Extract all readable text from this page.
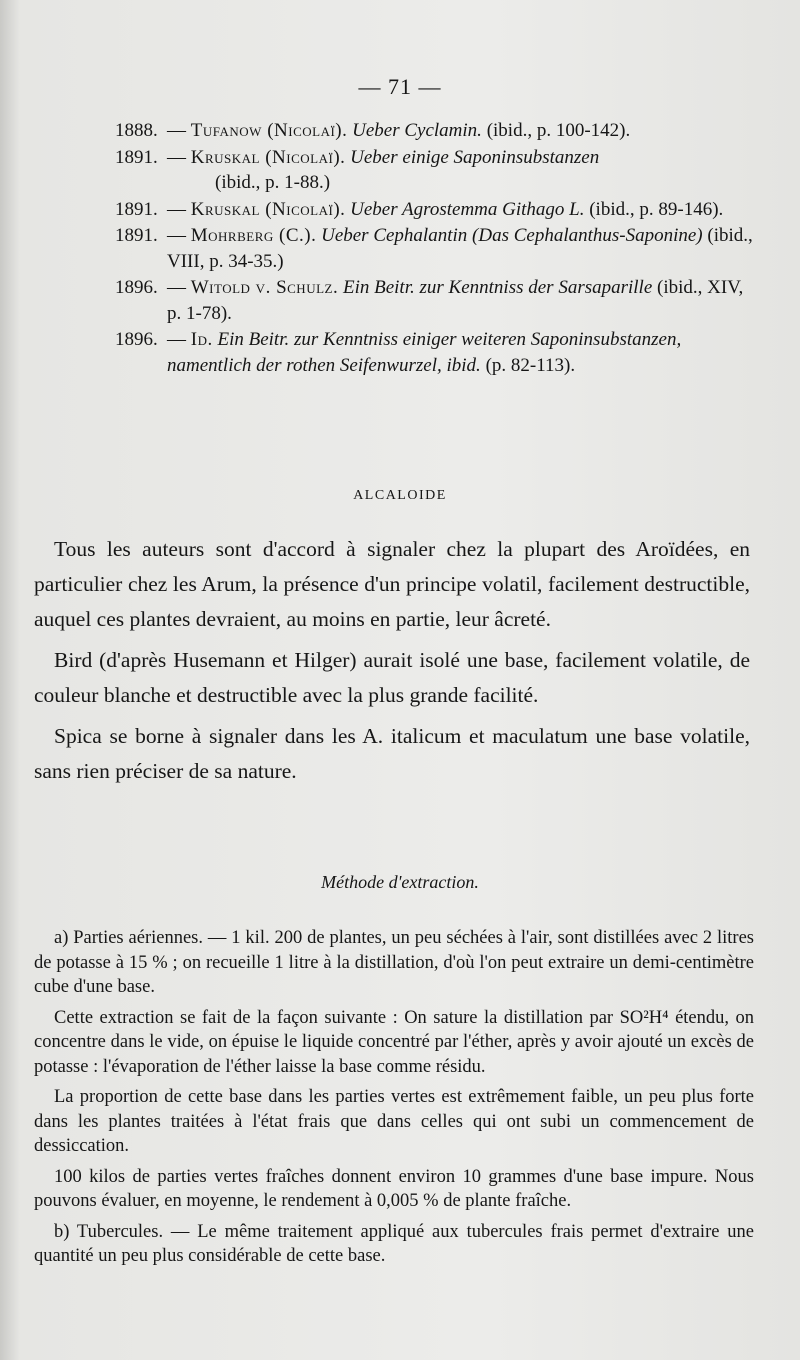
— 71 —
1888. — Tufanow (Nicolaï). Ueber Cyclamin. (ibid., p. 100-142).
1891. — Kruskal (Nicolaï). Ueber einige Saponinsubstanzen
(ibid., p. 1-88.)
1891. — Kruskal (Nicolaï). Ueber Agrostemma Githago L. (ibid., p. 89-146).
1891. — Mohrberg (C.). Ueber Cephalantin (Das Cephalanthus-Saponine) (ibid., VIII, p. 34-35.)
1896. — Witold v. Schulz. Ein Beitr. zur Kenntniss der Sarsaparille (ibid., XIV, p. 1-78).
1896. — Id. Ein Beitr. zur Kenntniss einiger weiteren Saponinsubstanzen, namentlich der rothen Seifenwurzel, ibid. (p. 82-113).
ALCALOIDE

Tous les auteurs sont d'accord à signaler chez la plupart des Aroïdées, en particulier chez les Arum, la présence d'un principe volatil, facilement destructible, auquel ces plantes devraient, au moins en partie, leur âcreté.

Bird (d'après Husemann et Hilger) aurait isolé une base, facilement volatile, de couleur blanche et destructible avec la plus grande facilité.

Spica se borne à signaler dans les A. italicum et maculatum une base volatile, sans rien préciser de sa nature.

Méthode d'extraction.

a) Parties aériennes. — 1 kil. 200 de plantes, un peu séchées à l'air, sont distillées avec 2 litres de potasse à 15 % ; on recueille 1 litre à la distillation, d'où l'on peut extraire un demi-centimètre cube d'une base.

Cette extraction se fait de la façon suivante : On sature la distillation par SO²H⁴ étendu, on concentre dans le vide, on épuise le liquide concentré par l'éther, après y avoir ajouté un excès de potasse : l'évaporation de l'éther laisse la base comme résidu.

La proportion de cette base dans les parties vertes est extrêmement faible, un peu plus forte dans les plantes traitées à l'état frais que dans celles qui ont subi un commencement de dessiccation.

100 kilos de parties vertes fraîches donnent environ 10 grammes d'une base impure. Nous pouvons évaluer, en moyenne, le rendement à 0,005 % de plante fraîche.

b) Tubercules. — Le même traitement appliqué aux tubercules frais permet d'extraire une quantité un peu plus considérable de cette base.
